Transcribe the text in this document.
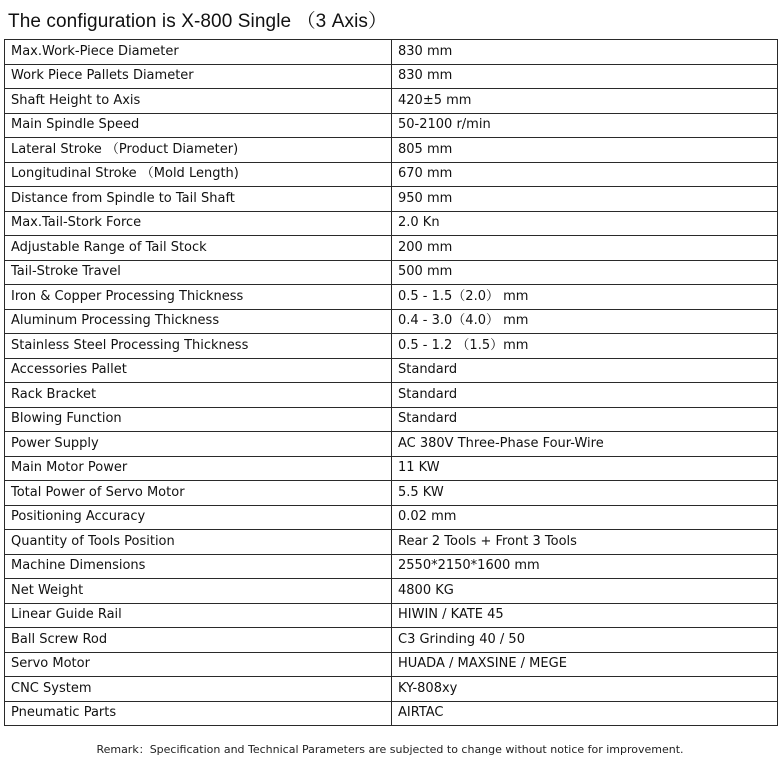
The configuration is X-800 Single （3 Axis）
Max.Work-Piece Diameter	830 mm
Work Piece Pallets Diameter	830 mm
Shaft Height to Axis	420±5 mm
Main Spindle Speed	50-2100 r/min
Lateral Stroke （Product Diameter)	805 mm
Longitudinal Stroke （Mold Length)	670 mm
Distance from Spindle to Tail Shaft	950 mm
Max.Tail-Stork Force	2.0 Kn
Adjustable Range of Tail Stock	200 mm
Tail-Stroke Travel	500 mm
Iron & Copper Processing Thickness	0.5 - 1.5（2.0） mm
Aluminum Processing Thickness	0.4 - 3.0（4.0） mm
Stainless Steel Processing Thickness	0.5 - 1.2 （1.5）mm
Accessories Pallet	Standard
Rack Bracket	Standard
Blowing Function	Standard
Power Supply	AC 380V Three-Phase Four-Wire
Main Motor Power	11 KW
Total Power of Servo Motor	5.5 KW
Positioning Accuracy	0.02 mm
Quantity of Tools Position	Rear 2 Tools + Front 3 Tools
Machine Dimensions	2550*2150*1600 mm
Net Weight	4800 KG
Linear Guide Rail	HIWIN / KATE 45
Ball Screw Rod	C3 Grinding 40 / 50
Servo Motor	HUADA / MAXSINE / MEGE
CNC System	KY-808xy
Pneumatic Parts	AIRTAC
Remark：Specification and Technical Parameters are subjected to change without notice for improvement.
